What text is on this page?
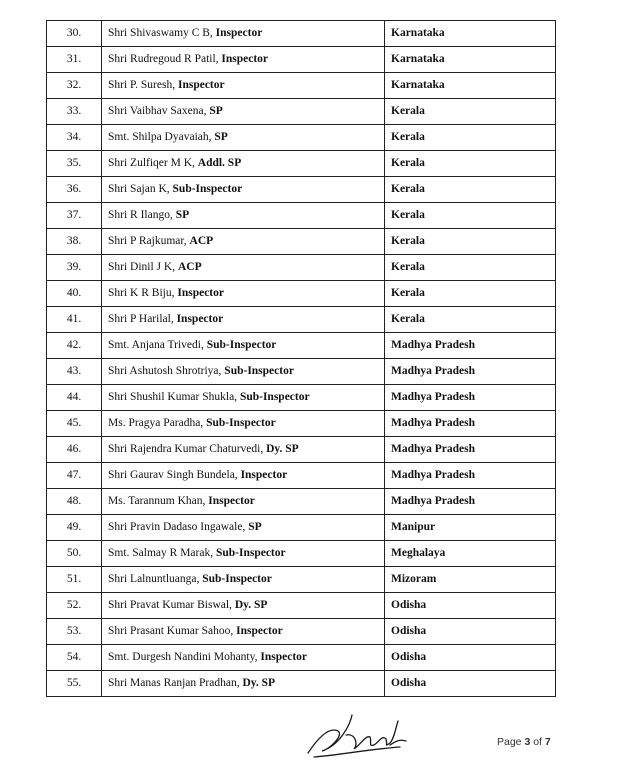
30.	Shri Shivaswamy C B, Inspector	Karnataka
31.	Shri Rudregoud R Patil, Inspector	Karnataka
32.	Shri P. Suresh, Inspector	Karnataka
33.	Shri Vaibhav Saxena, SP	Kerala
34.	Smt. Shilpa Dyavaiah, SP	Kerala
35.	Shri Zulfiqer M K, Addl. SP	Kerala
36.	Shri Sajan K, Sub-Inspector	Kerala
37.	Shri R Ilango, SP	Kerala
38.	Shri P Rajkumar, ACP	Kerala
39.	Shri Dinil J K, ACP	Kerala
40.	Shri K R Biju, Inspector	Kerala
41.	Shri P Harilal, Inspector	Kerala
42.	Smt. Anjana Trivedi, Sub-Inspector	Madhya Pradesh
43.	Shri Ashutosh Shrotriya, Sub-Inspector	Madhya Pradesh
44.	Shri Shushil Kumar Shukla, Sub-Inspector	Madhya Pradesh
45.	Ms. Pragya Paradha, Sub-Inspector	Madhya Pradesh
46.	Shri Rajendra Kumar Chaturvedi, Dy. SP	Madhya Pradesh
47.	Shri Gaurav Singh Bundela, Inspector	Madhya Pradesh
48.	Ms. Tarannum Khan, Inspector	Madhya Pradesh
49.	Shri Pravin Dadaso Ingawale, SP	Manipur
50.	Smt. Salmay R Marak, Sub-Inspector	Meghalaya
51.	Shri Lalnuntluanga, Sub-Inspector	Mizoram
52.	Shri Pravat Kumar Biswal, Dy. SP	Odisha
53.	Shri Prasant Kumar Sahoo, Inspector	Odisha
54.	Smt. Durgesh Nandini Mohanty, Inspector	Odisha
55.	Shri Manas Ranjan Pradhan, Dy. SP	Odisha
Page 3 of 7
